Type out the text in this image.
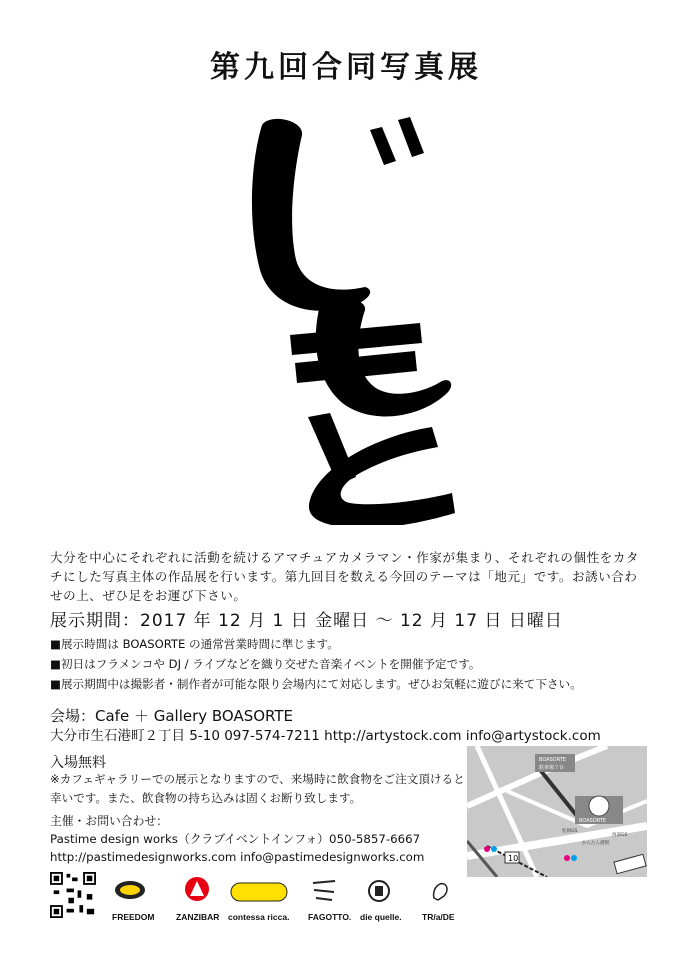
第九回合同写真展
大分を中心にそれぞれに活動を続けるアマチュアカメラマン・作家が集まり、それぞれの個性をカタチにした写真主体の作品展を行います。第九回目を数える今回のテーマは「地元」です。お誘い合わせの上、ぜひ足をお運び下さい。
展示期間：2017 年 12 月 1 日 金曜日 ～ 12 月 17 日 日曜日
■展示時間は BOASORTE の通常営業時間に準じます。
■初日はフラメンコや DJ / ライブなどを織り交ぜた音楽イベントを開催予定です。
■展示期間中は撮影者・制作者が可能な限り会場内にて対応します。ぜひお気軽に遊びに来て下さい。
会場：Cafe ＋ Gallery BOASORTE
大分市生石港町２丁目 5-10 097-574-7211 http://artystock.com info@artystock.com
入場無料
※カフェギャラリーでの展示となりますので、来場時に飲食物をご注文頂けると幸いです。また、飲食物の持ち込みは固くお断り致します。
主催・お問い合わせ：
Pastime design works（クラブイベントインフォ）050-5857-6667
http://pastimedesignworks.com info@pastimedesignworks.com
BOASORTE
駐車場７台
BOASORTE
10
松岡GS
かんたん港園
西部GS
FREEDOM	ZANZIBAR contessa ricca. FAGOTTO. die quelle. TR/a/DE
